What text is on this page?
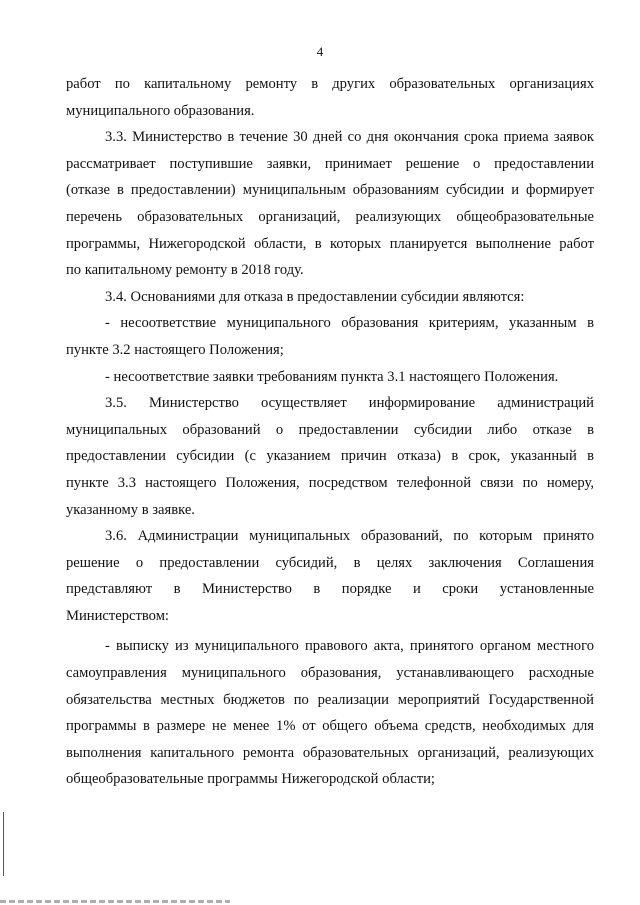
4

работ по капитальному ремонту в других образовательных организациях
муниципального образования.

3.3. Министерство в течение 30 дней со дня окончания срока приема заявок
рассматривает поступившие заявки, принимает решение о предоставлении
(отказе в предоставлении) муниципальным образованиям субсидии и формирует
перечень образовательных организаций, реализующих общеобразовательные
программы, Нижегородской области, в которых планируется выполнение работ
по капитальному ремонту в 2018 году.

3.4. Основаниями для отказа в предоставлении субсидии являются:

- несоответствие муниципального образования критериям, указанным в
пункте 3.2 настоящего Положения;

- несоответствие заявки требованиям пункта 3.1 настоящего Положения.

3.5. Министерство осуществляет информирование администраций
муниципальных образований о предоставлении субсидии либо отказе в
предоставлении субсидии (с указанием причин отказа) в срок, указанный в
пункте 3.3 настоящего Положения, посредством телефонной связи по номеру,
указанному в заявке.

3.6. Администрации муниципальных образований, по которым принято
решение о предоставлении субсидий, в целях заключения Соглашения
представляют в Министерство в порядке и сроки установленные
Министерством:

- выписку из муниципального правового акта, принятого органом местного
самоуправления муниципального образования, устанавливающего расходные
обязательства местных бюджетов по реализации мероприятий Государственной
программы в размере не менее 1% от общего объема средств, необходимых для
выполнения капитального ремонта образовательных организаций, реализующих
общеобразовательные программы Нижегородской области;
